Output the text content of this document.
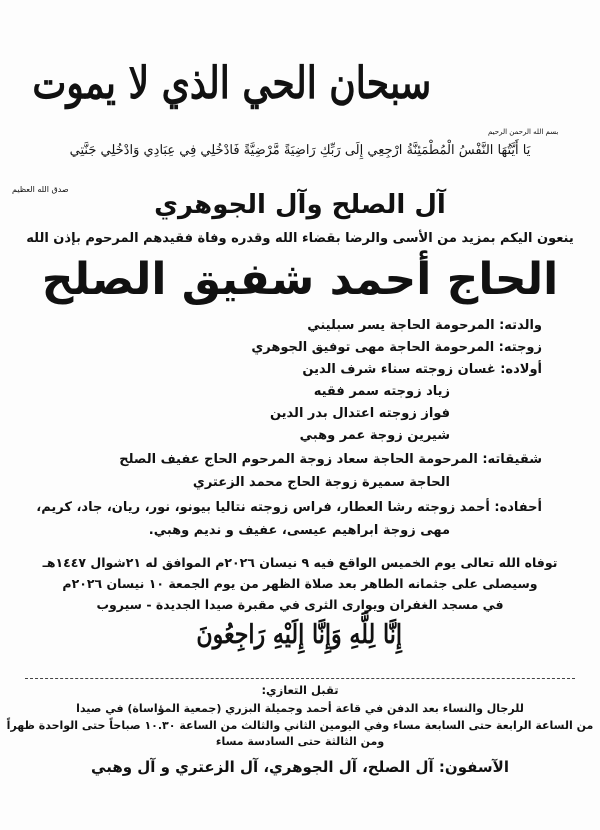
سبحان الحي الذي لا يموت
بسم الله الرحمن الرحيم
يَا أَيَّتُهَا النَّفْسُ الْمُطْمَئِنَّةُ ارْجِعِي إِلَى رَبِّكِ رَاضِيَةً مَّرْضِيَّةً فَادْخُلِي فِي عِبَادِي وَادْخُلِي جَنَّتِي
صدق الله العظيم
آل الصلح وآل الجوهري
ينعون اليكم بمزيد من الأسى والرضا بقضاء الله وقدره وفاة فقيدهم المرحوم بإذن الله
الحاج أحمد شفيق الصلح
والدته: المرحومة الحاجة يسر سبليني
زوجته: المرحومة الحاجة مهى توفيق الجوهري
أولاده: غسان زوجته سناء شرف الدين
زياد زوجته سمر فقيه
فواز زوجته اعتدال بدر الدين
شيرين زوجة عمر وهبي
شقيقاته: المرحومة الحاجة سعاد زوجة المرحوم الحاج عفيف الصلح
الحاجة سميرة زوجة الحاج محمد الزعتري
أحفاده: أحمد زوجته رشا العطار، فراس زوجته نتاليا بيونو، نور، ريان، جاد، كريم،
مهى زوجة ابراهيم عيسى، عفيف و نديم وهبي.
توفاه الله تعالى يوم الخميس الواقع فيه ٩ نيسان ٢٠٢٦م الموافق له ٢١شوال ١٤٤٧هـ
وسيصلى على جثمانه الطاهر بعد صلاة الظهر من يوم الجمعة ١٠ نيسان ٢٠٢٦م
في مسجد الغفران ويوارى الثرى في مقبرة صيدا الجديدة - سيروب
إِنَّا لِلَّهِ وَإِنَّا إِلَيْهِ رَاجِعُونَ
تقبل التعازي:
للرجال والنساء بعد الدفن في قاعة أحمد وجميلة البزري (جمعية المؤاساة) في صيدا
من الساعة الرابعة حتى السابعة مساء وفي اليومين الثاني والثالث من الساعة ١٠.٣٠ صباحاً حتى الواحدة ظهراً
ومن الثالثة حتى السادسة مساء
الآسفون: آل الصلح، آل الجوهري، آل الزعتري و آل وهبي
